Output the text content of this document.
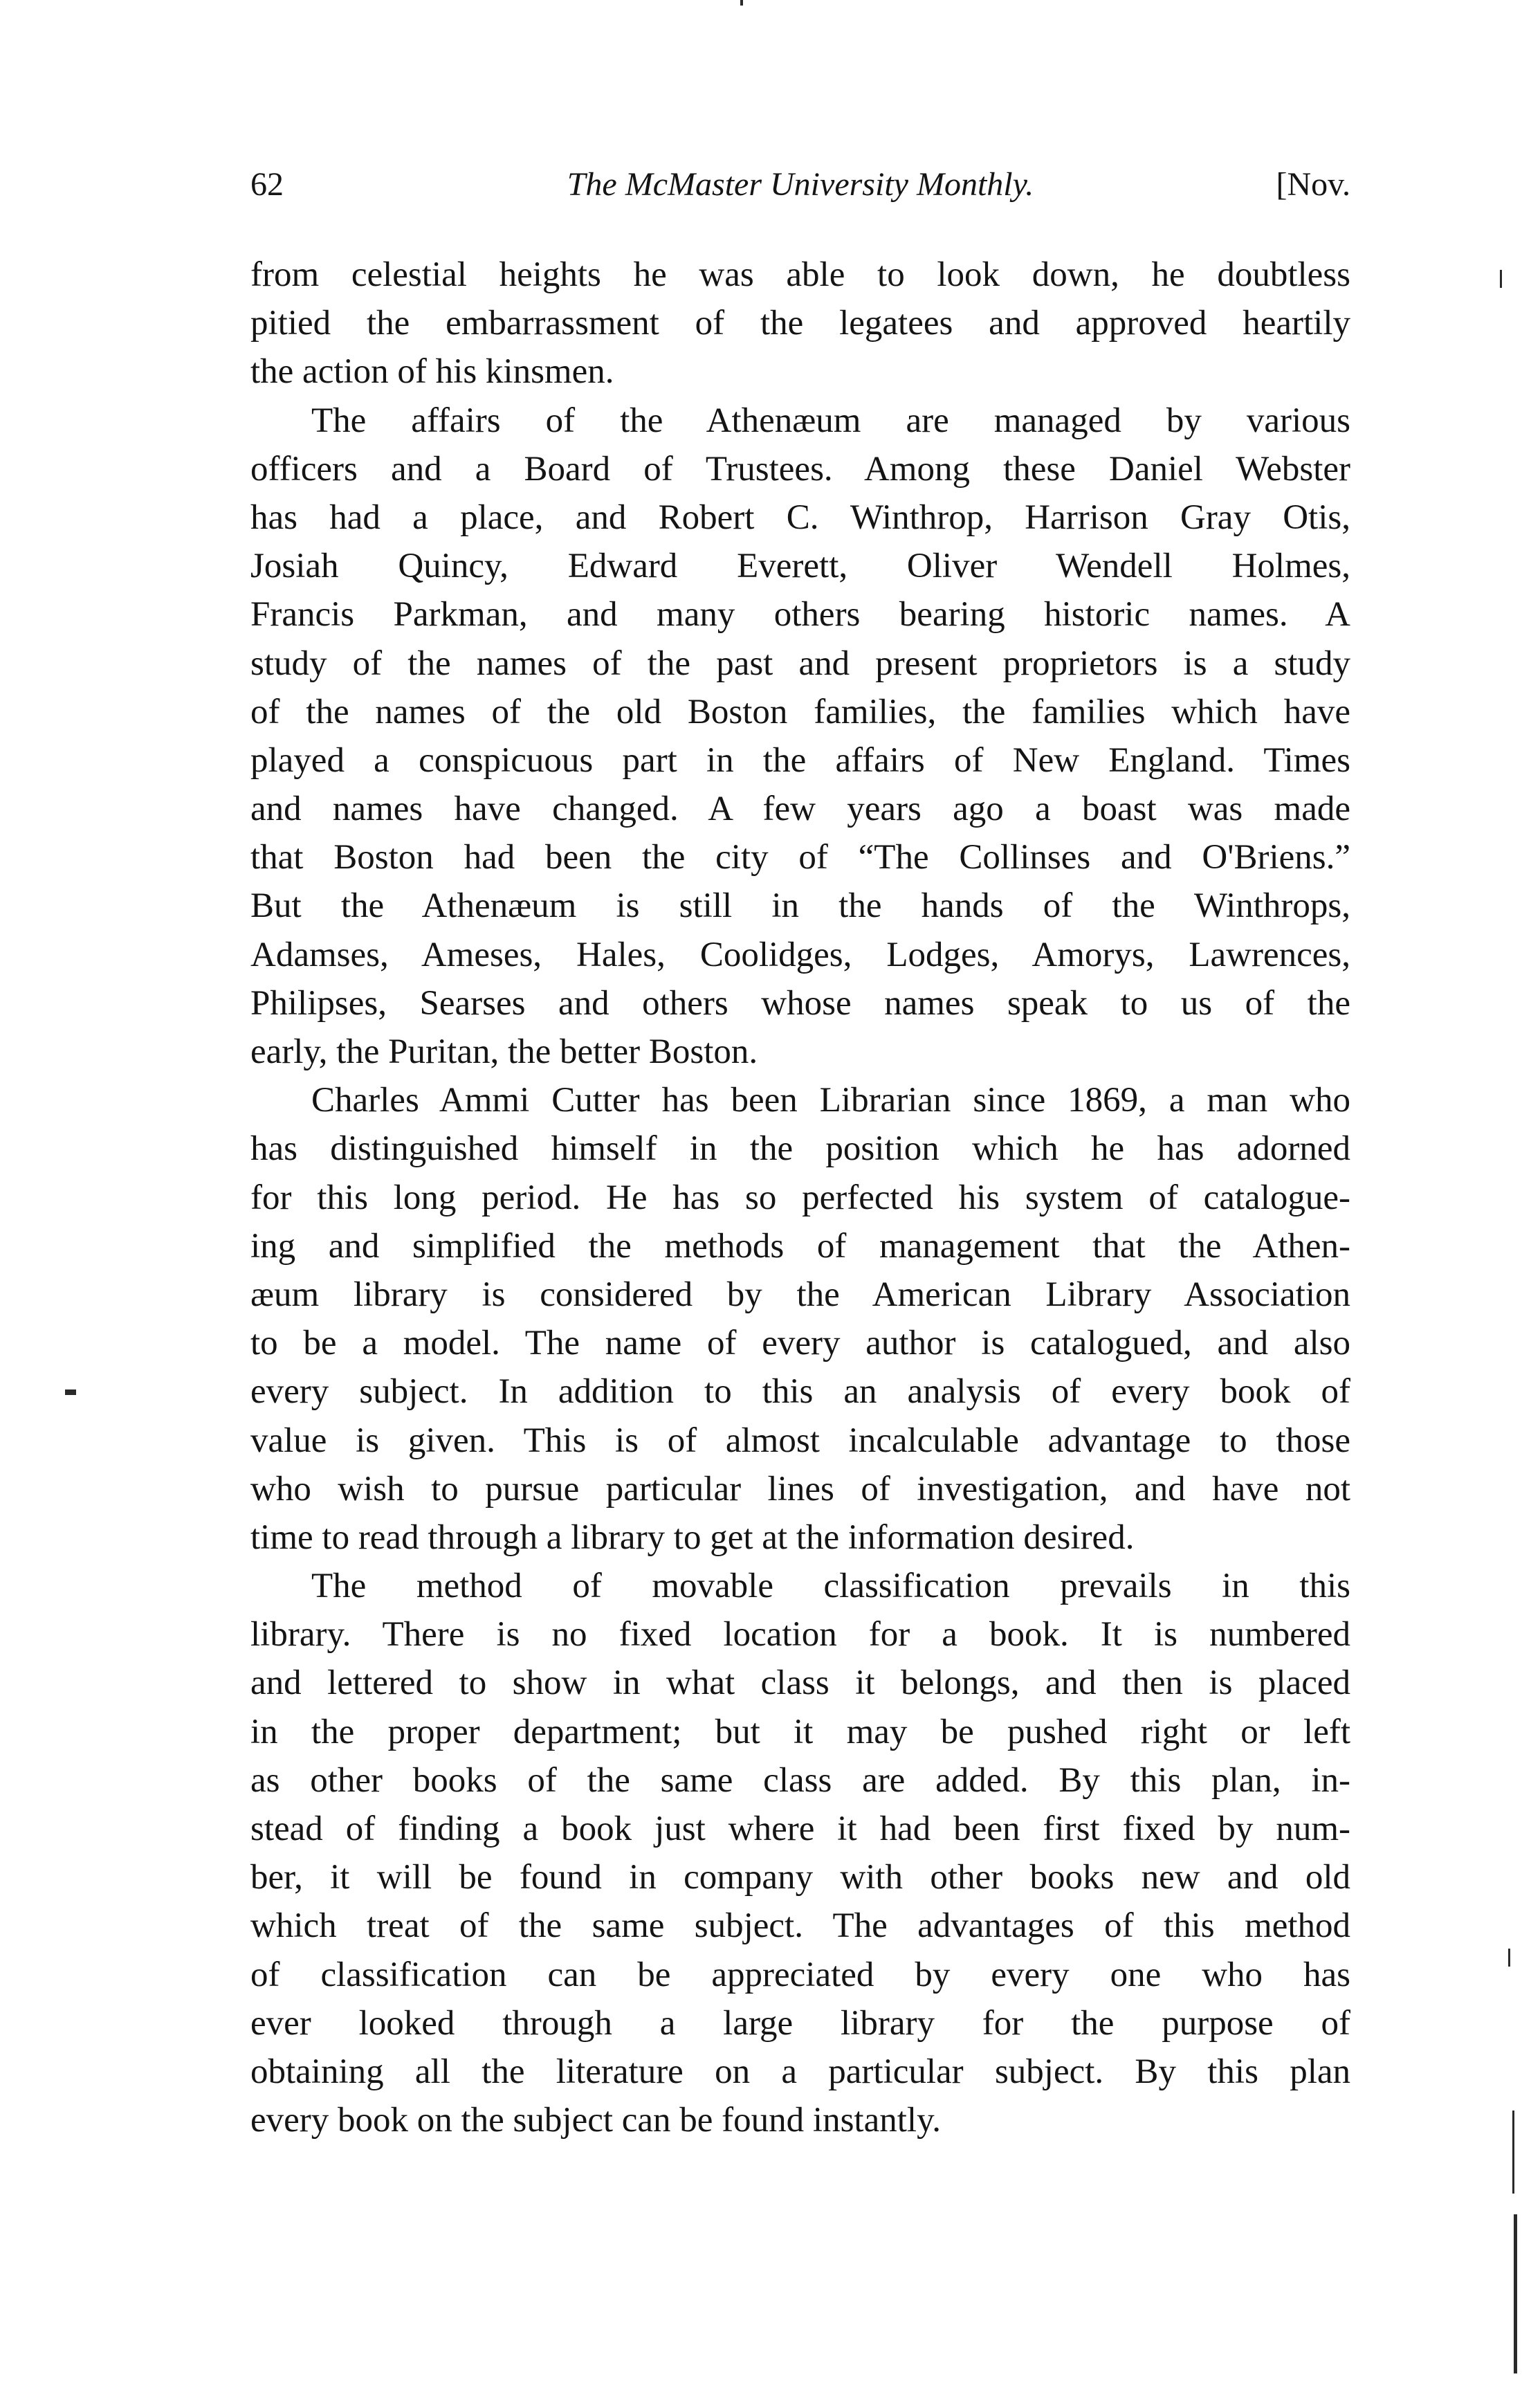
62	The McMaster University Monthly.	[Nov.
from celestial heights he was able to look down, he doubtless
pitied the embarrassment of the legatees and approved heartily
the action of his kinsmen.
The affairs of the Athenæum are managed by various
officers and a Board of Trustees. Among these Daniel Webster
has had a place, and Robert C. Winthrop, Harrison Gray Otis,
Josiah Quincy, Edward Everett, Oliver Wendell Holmes,
Francis Parkman, and many others bearing historic names. A
study of the names of the past and present proprietors is a study
of the names of the old Boston families, the families which have
played a conspicuous part in the affairs of New England. Times
and names have changed. A few years ago a boast was made
that Boston had been the city of “The Collinses and O'Briens.”
But the Athenæum is still in the hands of the Winthrops,
Adamses, Ameses, Hales, Coolidges, Lodges, Amorys, Lawrences,
Philipses, Searses and others whose names speak to us of the
early, the Puritan, the better Boston.
Charles Ammi Cutter has been Librarian since 1869, a man who
has distinguished himself in the position which he has adorned
for this long period. He has so perfected his system of catalogue-
ing and simplified the methods of management that the Athen-
æum library is considered by the American Library Association
to be a model. The name of every author is catalogued, and also
every subject. In addition to this an analysis of every book of
value is given. This is of almost incalculable advantage to those
who wish to pursue particular lines of investigation, and have not
time to read through a library to get at the information desired.
The method of movable classification prevails in this
library. There is no fixed location for a book. It is numbered
and lettered to show in what class it belongs, and then is placed
in the proper department; but it may be pushed right or left
as other books of the same class are added. By this plan, in-
stead of finding a book just where it had been first fixed by num-
ber, it will be found in company with other books new and old
which treat of the same subject. The advantages of this method
of classification can be appreciated by every one who has
ever looked through a large library for the purpose of
obtaining all the literature on a particular subject. By this plan
every book on the subject can be found instantly.
